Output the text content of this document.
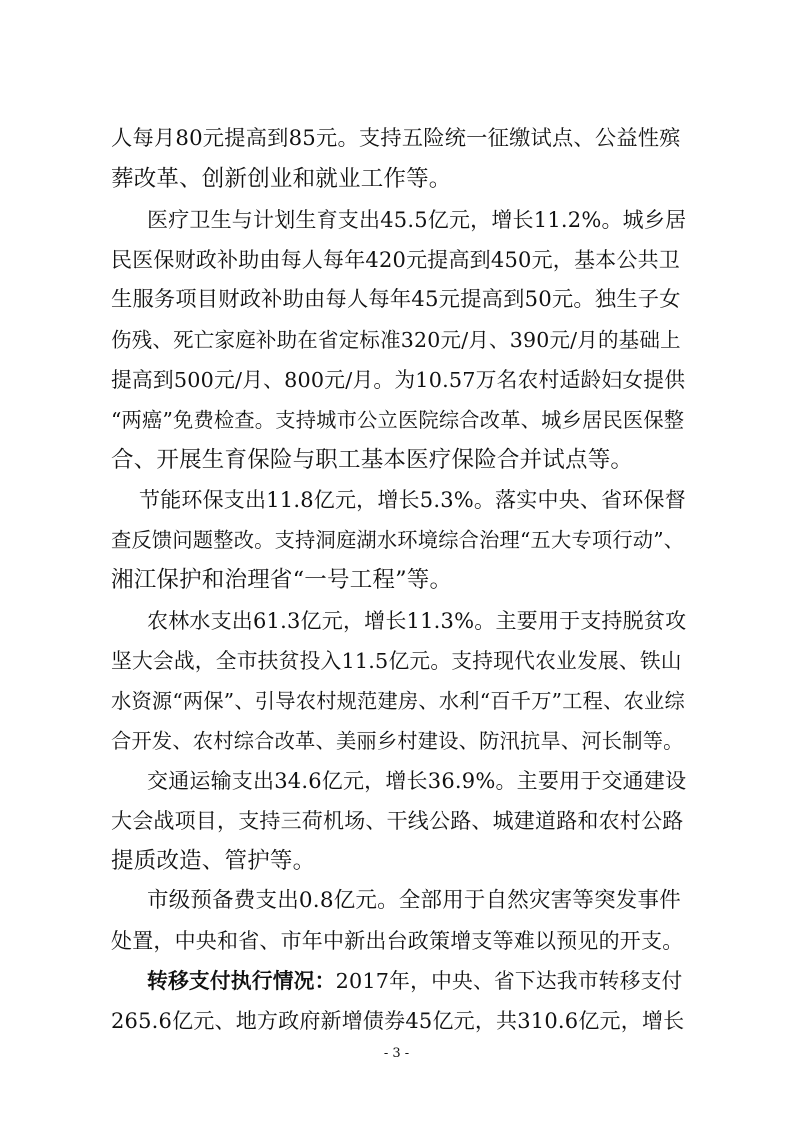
人每月80元提高到85元。支持五险统一征缴试点、公益性殡
葬改革、创新创业和就业工作等。
医疗卫生与计划生育支出45.5亿元，增长11.2%。城乡居
民医保财政补助由每人每年420元提高到450元，基本公共卫
生服务项目财政补助由每人每年45元提高到50元。独生子女
伤残、死亡家庭补助在省定标准320元/月、390元/月的基础上
提高到500元/月、800元/月。为10.57万名农村适龄妇女提供
“两癌”免费检查。支持城市公立医院综合改革、城乡居民医保整
合、开展生育保险与职工基本医疗保险合并试点等。
节能环保支出11.8亿元，增长5.3%。落实中央、省环保督
查反馈问题整改。支持洞庭湖水环境综合治理“五大专项行动”、
湘江保护和治理省“一号工程”等。
农林水支出61.3亿元，增长11.3%。主要用于支持脱贫攻
坚大会战，全市扶贫投入11.5亿元。支持现代农业发展、铁山
水资源“两保”、引导农村规范建房、水利“百千万”工程、农业综
合开发、农村综合改革、美丽乡村建设、防汛抗旱、河长制等。
交通运输支出34.6亿元，增长36.9%。主要用于交通建设
大会战项目，支持三荷机场、干线公路、城建道路和农村公路
提质改造、管护等。
市级预备费支出0.8亿元。全部用于自然灾害等突发事件
处置，中央和省、市年中新出台政策增支等难以预见的开支。
转移支付执行情况：2017年，中央、省下达我市转移支付
265.6亿元、地方政府新增债券45亿元，共310.6亿元，增长
- 3 -
